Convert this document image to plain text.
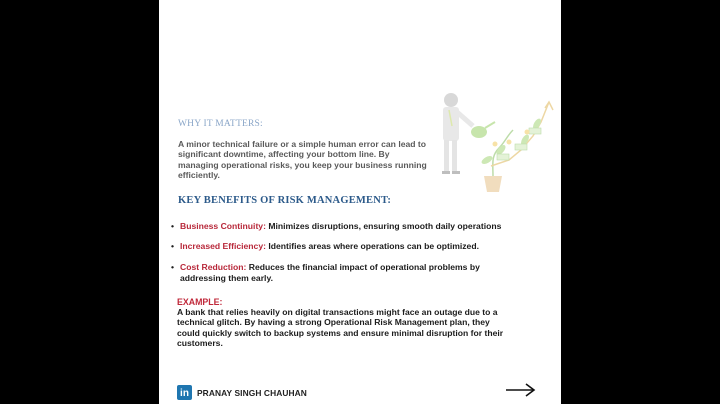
WHY IT MATTERS:
A minor technical failure or a simple human error can lead to significant downtime, affecting your bottom line. By managing operational risks, you keep your business running efficiently.
KEY BENEFITS OF RISK MANAGEMENT:
• Business Continuity: Minimizes disruptions, ensuring smooth daily operations
• Increased Efficiency: Identifies areas where operations can be optimized.
• Cost Reduction: Reduces the financial impact of operational problems by addressing them early.
EXAMPLE:
A bank that relies heavily on digital transactions might face an outage due to a technical glitch. By having a strong Operational Risk Management plan, they could quickly switch to backup systems and ensure minimal disruption for their customers.
in PRANAY SINGH CHAUHAN
